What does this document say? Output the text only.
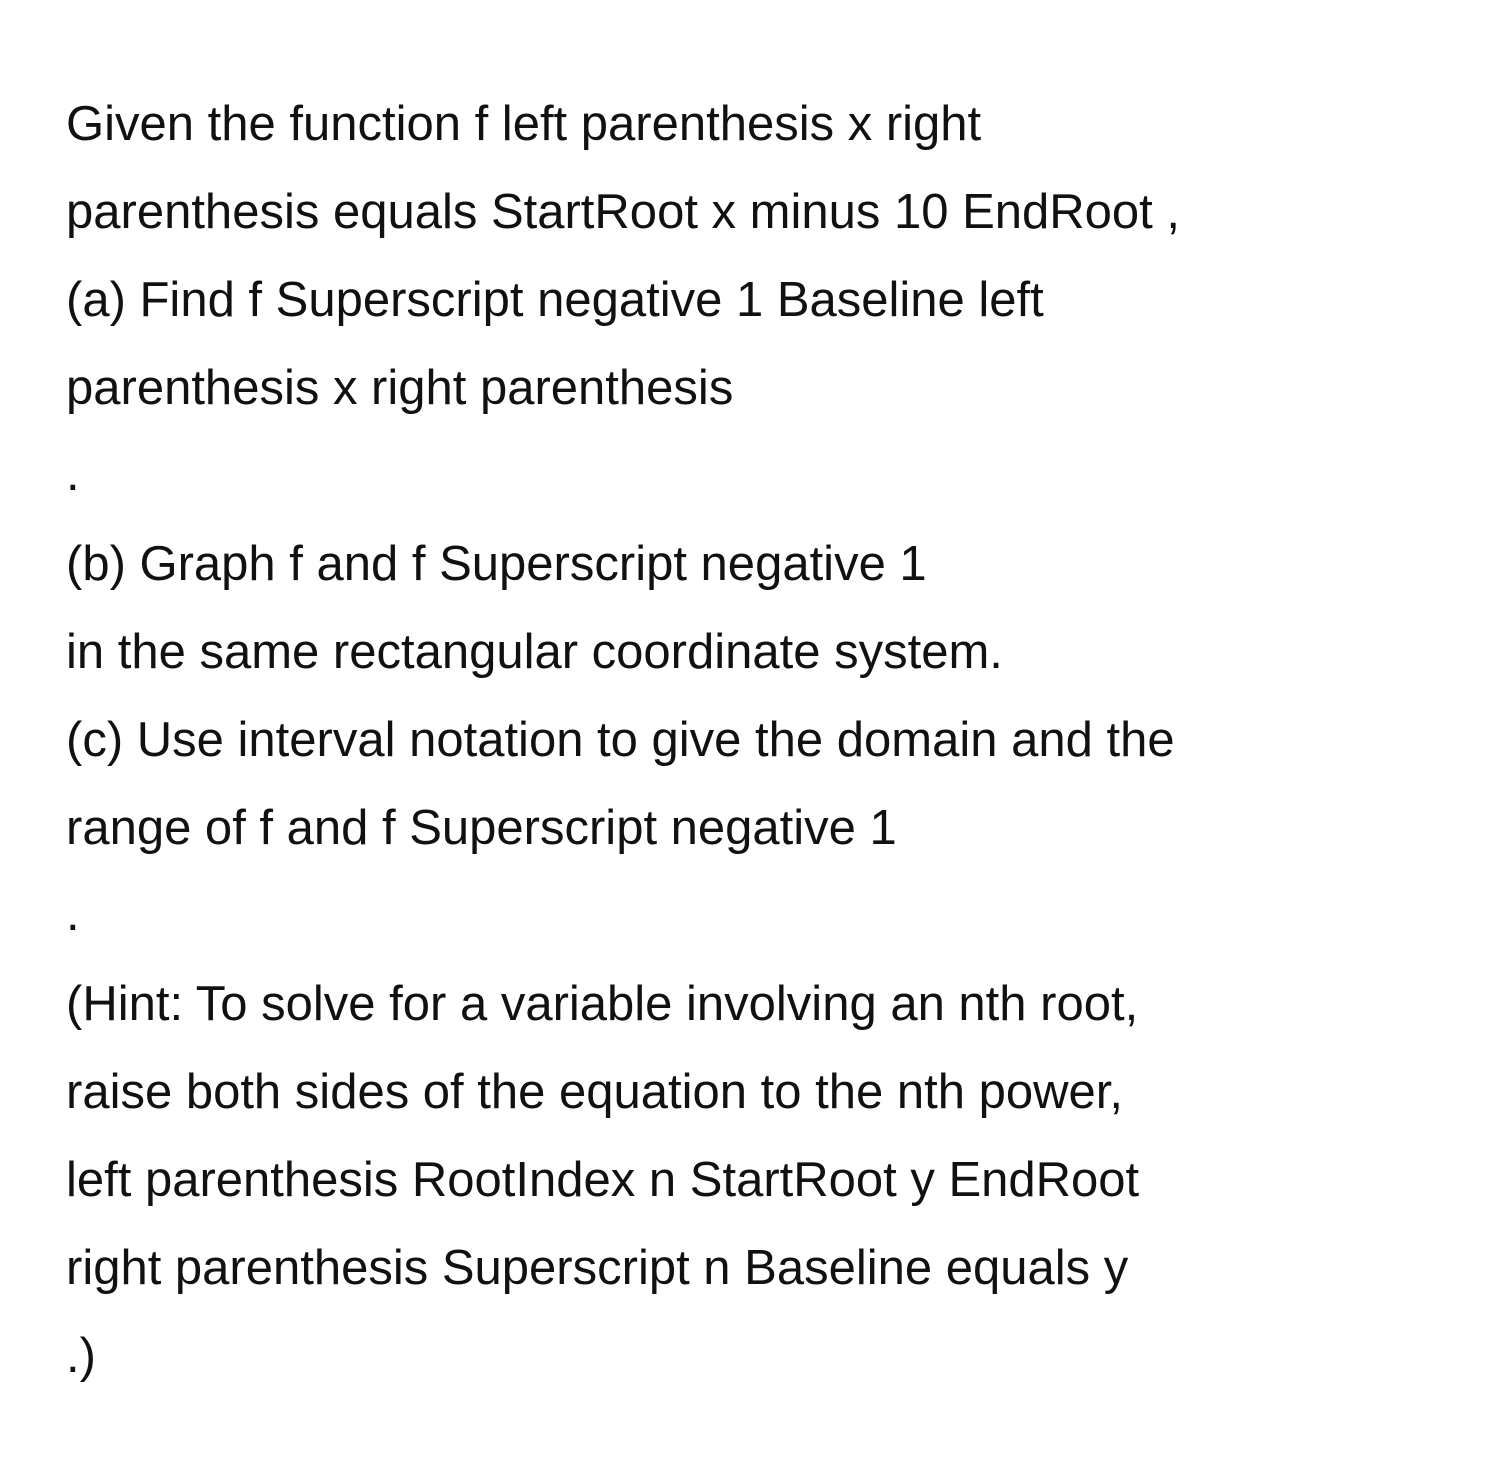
Given the function f left parenthesis x right
parenthesis equals StartRoot x minus 10 EndRoot ,
(a) Find f Superscript negative 1 Baseline left
parenthesis x right parenthesis
.
(b) Graph f and f Superscript negative 1
in the same rectangular coordinate system.
(c) Use interval notation to give the domain and the
range of f and f Superscript negative 1
.
(Hint: To solve for a variable involving an nth root,
raise both sides of the equation to the nth power,
left parenthesis RootIndex n StartRoot y EndRoot
right parenthesis Superscript n Baseline equals y
.)
